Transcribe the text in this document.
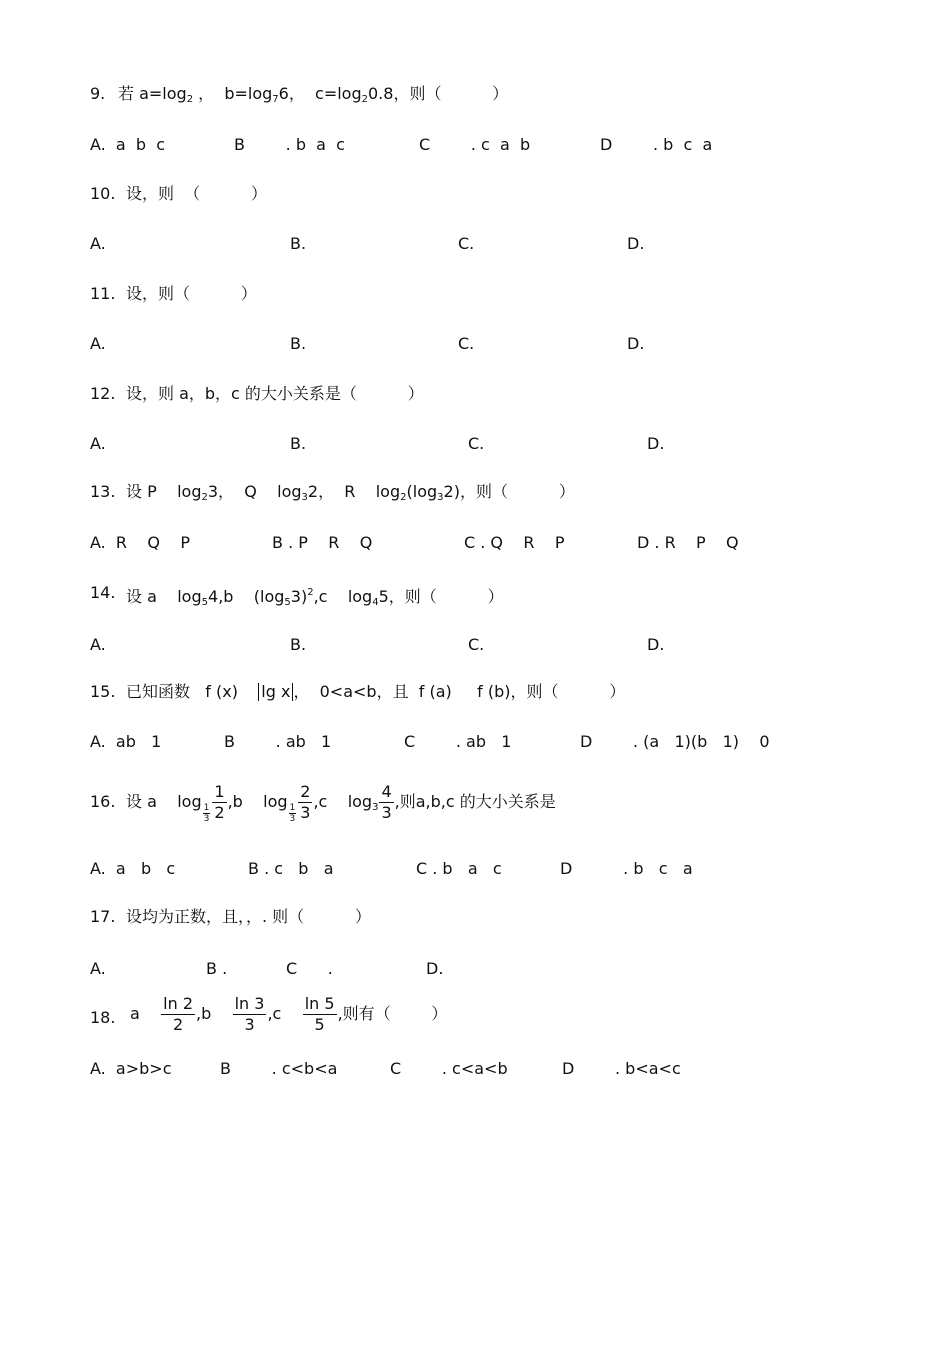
9. 若 $a=\log_2$ ，  $b=\log_76$，  $c=\log_20.8$，则（          ）
A.  a  b  c	B        . b  a  c	C        . c  a  b	D        . b  c  a
10. 设，则  （          ）
A.	B.	C.	D.
11. 设，则（          ）
A.	B.	C.	D.
12. 设，则 a，b，c 的大小关系是（          ）
A.	B.	C.	D.
13. 设 P    $\log_23$，  Q    $\log_32$，  R    $\log_2(\log_32)$，则（          ）
A.  R    Q    P	B . P    R    Q	C . Q    R    P	D . R    P    Q
14. 设 a    $\log_54,b$    $(\log_53)^2,c$    $\log_45$，则（          ）
A.	B.	C.	D.
15. 已知函数   f (x)    lg x ，  0<a<b，且  f (a)     f (b)，则（          ）
A.  ab   1	B        . ab   1	C        . ab   1	D        . (a   1)(b   1)    0
16. 设 a    log
$\frac{1}{3} \frac{1}{2} ,b$    log
$\frac{1}{3} \frac{2}{3} ,c$    $\log_3 \frac{4}{3}$ ,则a,b,c 的大小关系是
A.  a   b   c	B . c   b   a	C . b   a   c	D          . b   c   a
17. 设均为正数，且，，. 则（          ）
A.	B .	C      .	D.
18. a $\frac{\ln 2}{2} ,b \frac{\ln 3}{3} ,c \frac{\ln 5}{5}$ ,则有（        ）
A.  a>b>c	B        . c<b<a	C        . c<a<b	D        . b<a<c
